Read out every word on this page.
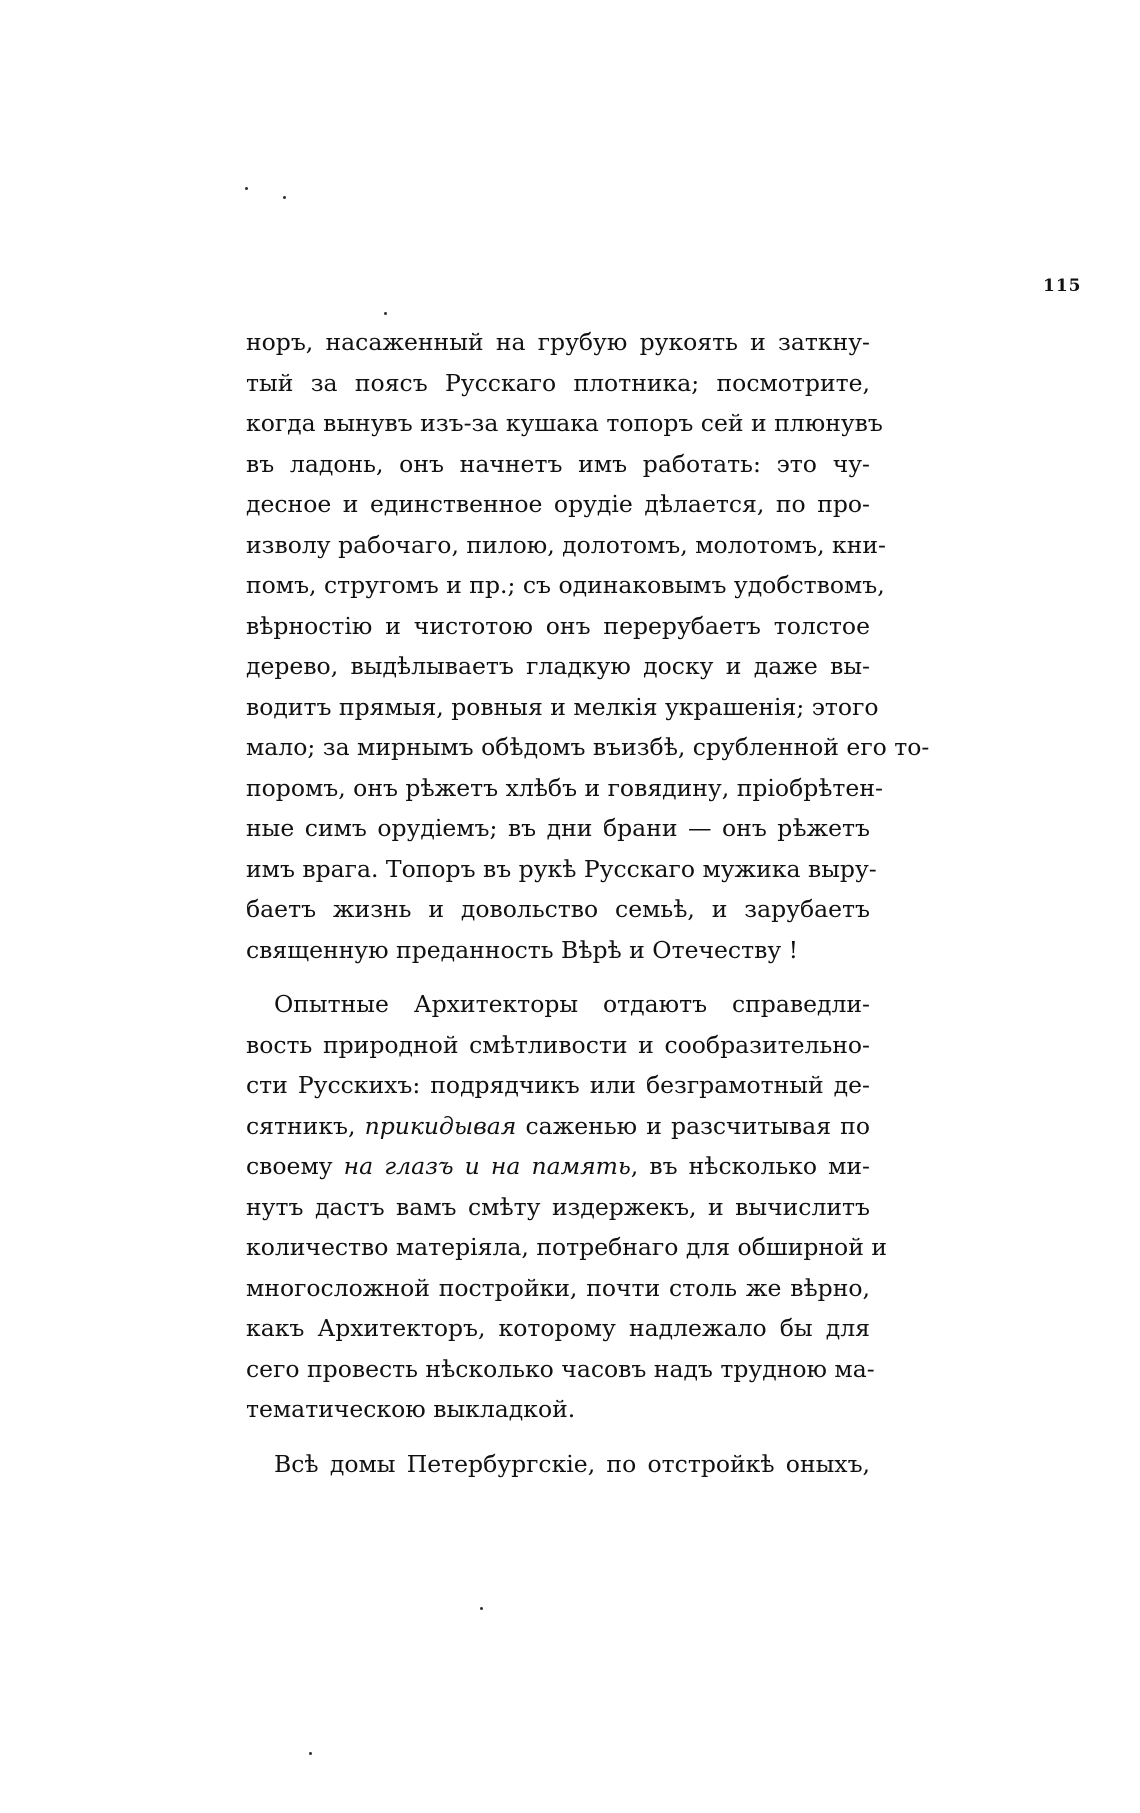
115
норъ, насаженный на грубую рукоять и заткну-
тый за поясъ Русскаго плотника; посмотрите,
когда вынувъ изъ-за кушака топоръ сей и плюнувъ
въ ладонь, онъ начнетъ имъ работать: это чу-
десное и единственное орудіе дѣлается, по про-
изволу рабочаго, пилою, долотомъ, молотомъ, кни-
помъ, стругомъ и пр.; съ одинаковымъ удобствомъ,
вѣрностію и чистотою онъ перерубаетъ толстое
дерево, выдѣлываетъ гладкую доску и даже вы-
водитъ прямыя, ровныя и мелкія украшенія; этого
мало; за мирнымъ обѣдомъ въизбѣ, срубленной его то-
поромъ, онъ рѣжетъ хлѣбъ и говядину, пріобрѣтен-
ные симъ орудіемъ; въ дни брани — онъ рѣжетъ
имъ врага. Топоръ въ рукѣ Русскаго мужика выру-
баетъ жизнь и довольство семьѣ, и зарубаетъ
священную преданность Вѣрѣ и Отечеству !
Опытные Архитекторы отдаютъ справедли-
вость природной смѣтливости и сообразительно-
сти Русскихъ: подрядчикъ или безграмотный де-
сятникъ, прикидывая саженью и разсчитывая по
своему на глазъ и на память, въ нѣсколько ми-
нутъ дастъ вамъ смѣту издержекъ, и вычислитъ
количество матеріяла, потребнаго для обширной и
многосложной постройки, почти столь же вѣрно,
какъ Архитекторъ, которому надлежало бы для
сего провесть нѣсколько часовъ надъ трудною ма-
тематическою выкладкой.
Всѣ домы Петербургскіе, по отстройкѣ оныхъ,
